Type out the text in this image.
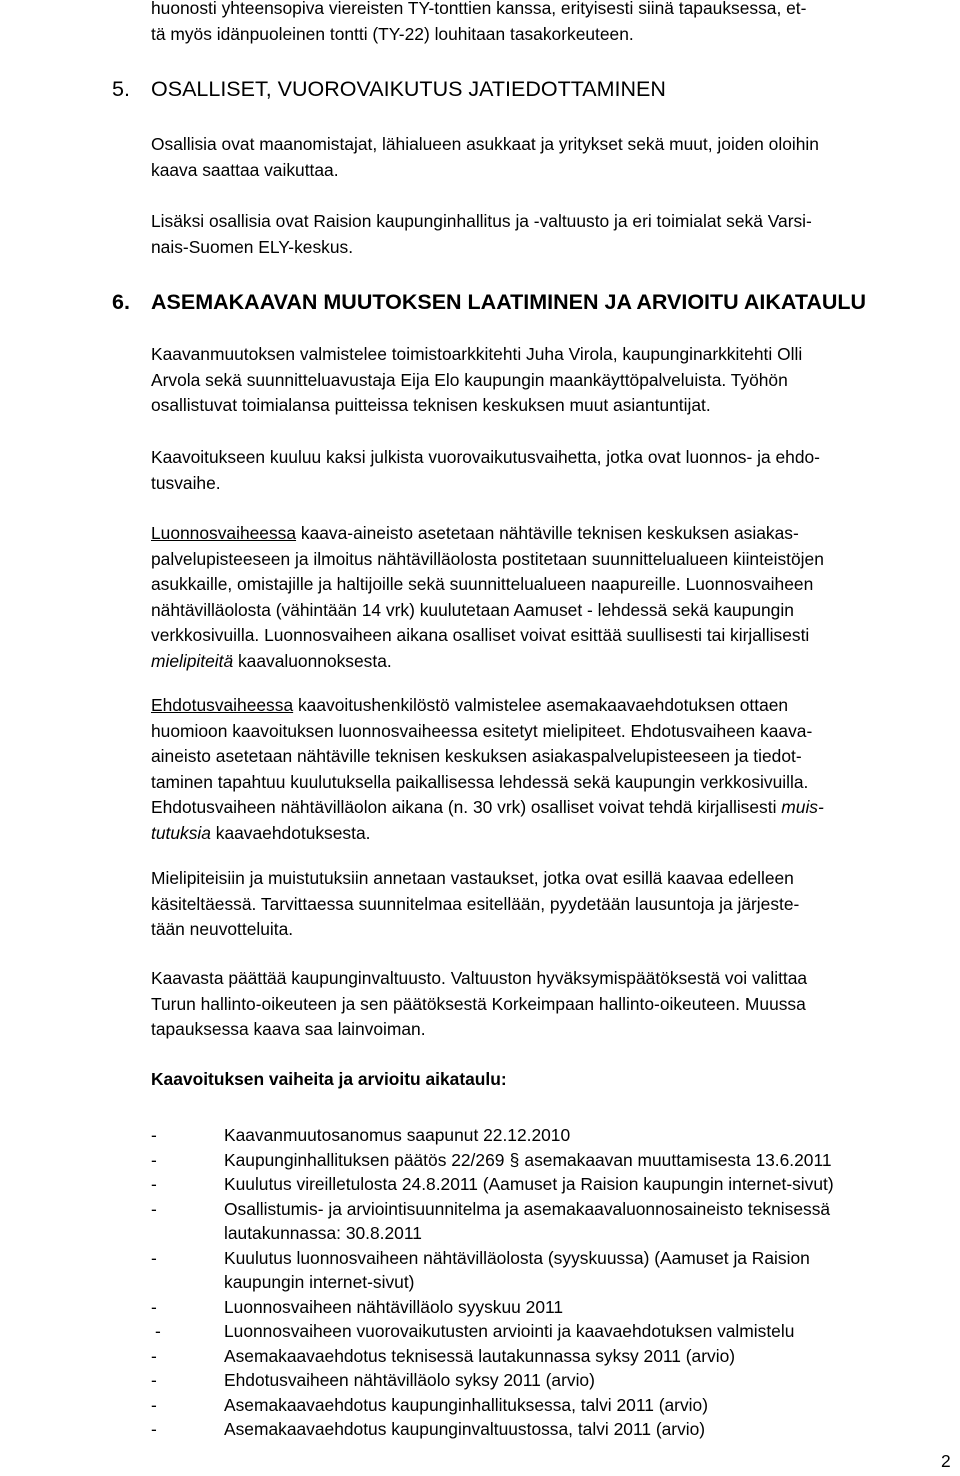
huonosti yhteensopiva viereisten TY-tonttien kanssa, erityisesti siinä tapauksessa, et-
tä myös idänpuoleinen tontti (TY-22) louhitaan tasakorkeuteen.

5. OSALLISET, VUOROVAIKUTUS JATIEDOTTAMINEN

Osallisia ovat maanomistajat, lähialueen asukkaat ja yritykset sekä muut, joiden oloihin
kaava saattaa vaikuttaa.

Lisäksi osallisia ovat Raision kaupunginhallitus ja -valtuusto ja eri toimialat sekä Varsi-
nais-Suomen ELY-keskus.

6. ASEMAKAAVAN MUUTOKSEN LAATIMINEN JA ARVIOITU AIKATAULU

Kaavanmuutoksen valmistelee toimistoarkkitehti Juha Virola, kaupunginarkkitehti Olli
Arvola sekä suunnitteluavustaja Eija Elo kaupungin maankäyttöpalveluista. Työhön
osallistuvat toimialansa puitteissa teknisen keskuksen muut asiantuntijat.

Kaavoitukseen kuuluu kaksi julkista vuorovaikutusvaihetta, jotka ovat luonnos- ja ehdo-
tusvaihe.

Luonnosvaiheessa kaava-aineisto asetetaan nähtäville teknisen keskuksen asiakas-
palvelupisteeseen ja ilmoitus nähtävilläolosta postitetaan suunnittelualueen kiinteistöjen
asukkaille, omistajille ja haltijoille sekä suunnittelualueen naapureille. Luonnosvaiheen
nähtävilläolosta (vähintään 14 vrk) kuulutetaan Aamuset - lehdessä sekä kaupungin
verkkosivuilla. Luonnosvaiheen aikana osalliset voivat esittää suullisesti tai kirjallisesti
mielipiteitä kaavaluonnoksesta.

Ehdotusvaiheessa kaavoitushenkilöstö valmistelee asemakaavaehdotuksen ottaen
huomioon kaavoituksen luonnosvaiheessa esitetyt mielipiteet. Ehdotusvaiheen kaava-
aineisto asetetaan nähtäville teknisen keskuksen asiakaspalvelupisteeseen ja tiedot-
taminen tapahtuu kuulutuksella paikallisessa lehdessä sekä kaupungin verkkosivuilla.
Ehdotusvaiheen nähtävilläolon aikana (n. 30 vrk) osalliset voivat tehdä kirjallisesti muis-
tutuksia kaavaehdotuksesta.

Mielipiteisiin ja muistutuksiin annetaan vastaukset, jotka ovat esillä kaavaa edelleen
käsiteltäessä. Tarvittaessa suunnitelmaa esitellään, pyydetään lausuntoja ja järjeste-
tään neuvotteluita.

Kaavasta päättää kaupunginvaltuusto. Valtuuston hyväksymispäätöksestä voi valittaa
Turun hallinto-oikeuteen ja sen päätöksestä Korkeimpaan hallinto-oikeuteen. Muussa
tapauksessa kaava saa lainvoiman.

Kaavoituksen vaiheita ja arvioitu aikataulu:

-	Kaavanmuutosanomus saapunut 22.12.2010
-	Kaupunginhallituksen päätös 22/269 § asemakaavan muuttamisesta 13.6.2011
-	Kuulutus vireilletulosta 24.8.2011 (Aamuset ja Raision kaupungin internet-sivut)
-	Osallistumis- ja arviointisuunnitelma ja asemakaavaluonnosaineisto teknisessä
lautakunnassa: 30.8.2011
-	Kuulutus luonnosvaiheen nähtävilläolosta (syyskuussa) (Aamuset ja Raision
kaupungin internet-sivut)
-	Luonnosvaiheen nähtävilläolo syyskuu 2011
-	Luonnosvaiheen vuorovaikutusten arviointi ja kaavaehdotuksen valmistelu
-	Asemakaavaehdotus teknisessä lautakunnassa syksy 2011 (arvio)
-	Ehdotusvaiheen nähtävilläolo syksy 2011 (arvio)
-	Asemakaavaehdotus kaupunginhallituksessa, talvi 2011 (arvio)
-	Asemakaavaehdotus kaupunginvaltuustossa, talvi 2011 (arvio)
2
